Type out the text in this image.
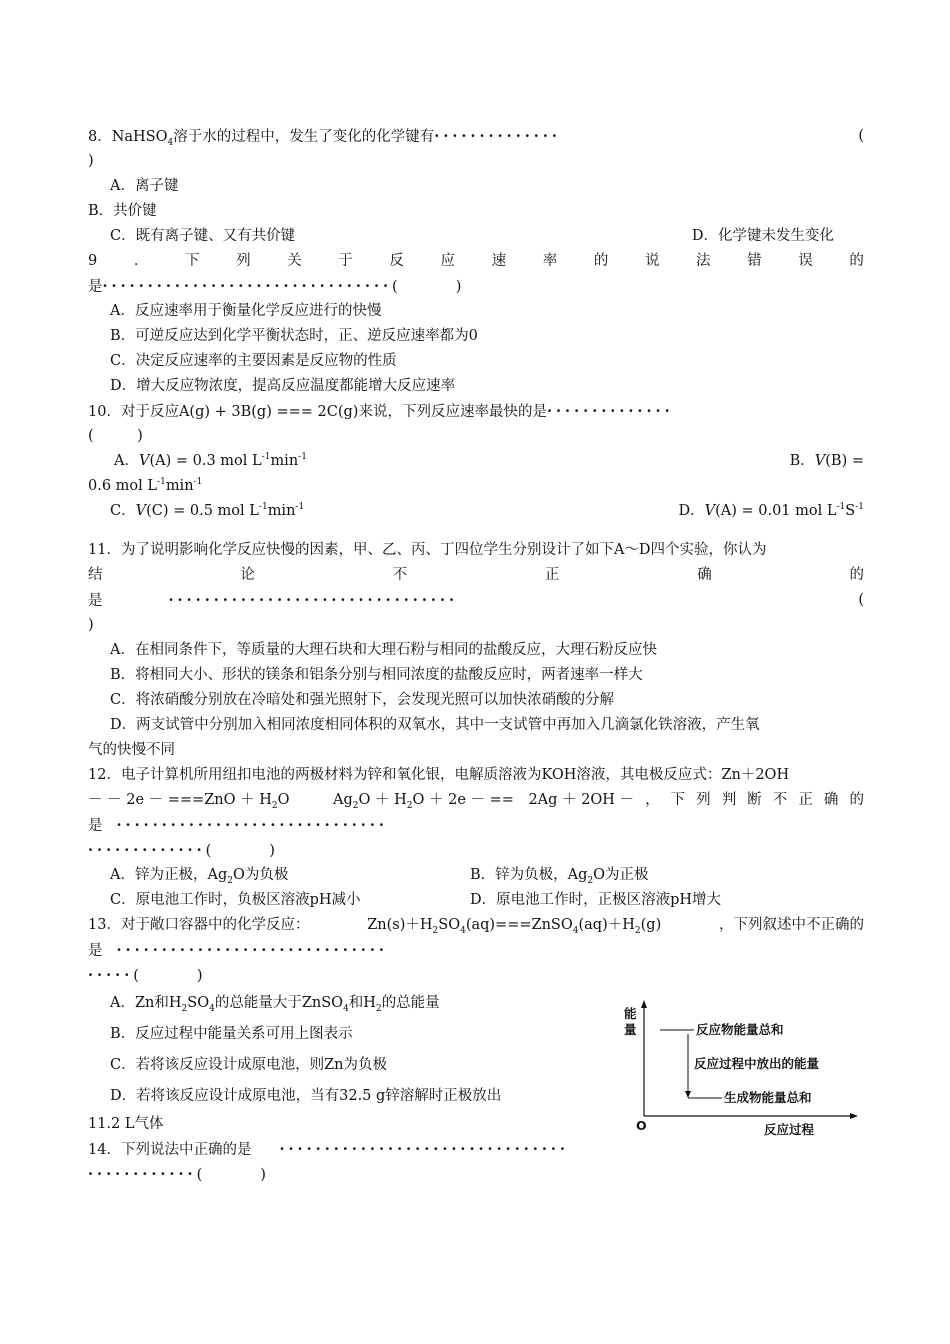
8．NaHSO$_4$溶于水的过程中，发生了变化的化学键有··············	(
)
A．离子键
B．共价键
C．既有离子键、又有共价键	D．化学键未发生变化
9	．	下	列	关	于	反	应	速	率	的	说	法	错	误	的
是································(　　　　)
A．反应速率用于衡量化学反应进行的快慢
B．可逆反应达到化学平衡状态时，正、逆反应速率都为0
C．决定反应速率的主要因素是反应物的性质
D．增大反应物浓度，提高反应温度都能增大反应速率
10．对于反应A(g) + 3B(g) === 2C(g)来说，下列反应速率最快的是··············
(　　　)
A．V(A) = 0.3 mol $L^{-1}\min^{-1}$	B．V(B) =
0.6 mol $L^{-1}\min^{-1}$
C．V(C) = 0.5 mol $L^{-1}\min^{-1}$	D．V(A) = 0.01 mol $L^{-1}S^{-1}$
11．为了说明影响化学反应快慢的因素，甲、乙、丙、丁四位学生分别设计了如下A～D四个实验，你认为
结	论	不	正	确	的
是	································	(
)
A．在相同条件下，等质量的大理石块和大理石粉与相同的盐酸反应，大理石粉反应快
B．将相同大小、形状的镁条和铝条分别与相同浓度的盐酸反应时，两者速率一样大
C．将浓硝酸分别放在冷暗处和强光照射下，会发现光照可以加快浓硝酸的分解
D．两支试管中分别加入相同浓度相同体积的双氧水，其中一支试管中再加入几滴氯化铁溶液，产生氧
气的快慢不同
12．电子计算机所用纽扣电池的两极材料为锌和氧化银，电解质溶液为KOH溶液，其电极反应式：Zn＋2OH
－ － $2e - ===ZnO + H_2O$　　　$Ag_2O + H_2O + 2e$ － ==　2Ag ＋ 2OH － ， 下 列 判 断 不 正 确 的
是 ······························
·············(　　　　)
A．锌为正极，$Ag_2O$为负极	B．锌为负极，$Ag_2O$为正极
C．原电池工作时，负极区溶液pH减小	D．原电池工作时，正极区溶液pH增大
13．对于敞口容器中的化学反应：	$Zn(s)+H_2SO_4(aq)===ZnSO_4(aq)+H_2(g)$	，下列叙述中不正确的
是 ······························
·····(　　　　)
A．Zn和$H_2SO_4$的总能量大于ZnSO$_4$和$H_2$的总能量
B．反应过程中能量关系可用上图表示
C．若将该反应设计成原电池，则Zn为负极
D．若将该反应设计成原电池，当有32.5 g锌溶解时正极放出
11.2 L气体
14．下列说法中正确的是 ································
············(　　　　)
能
量
O	反应过程
反应物能量总和
反应过程中放出的能量
生成物能量总和
